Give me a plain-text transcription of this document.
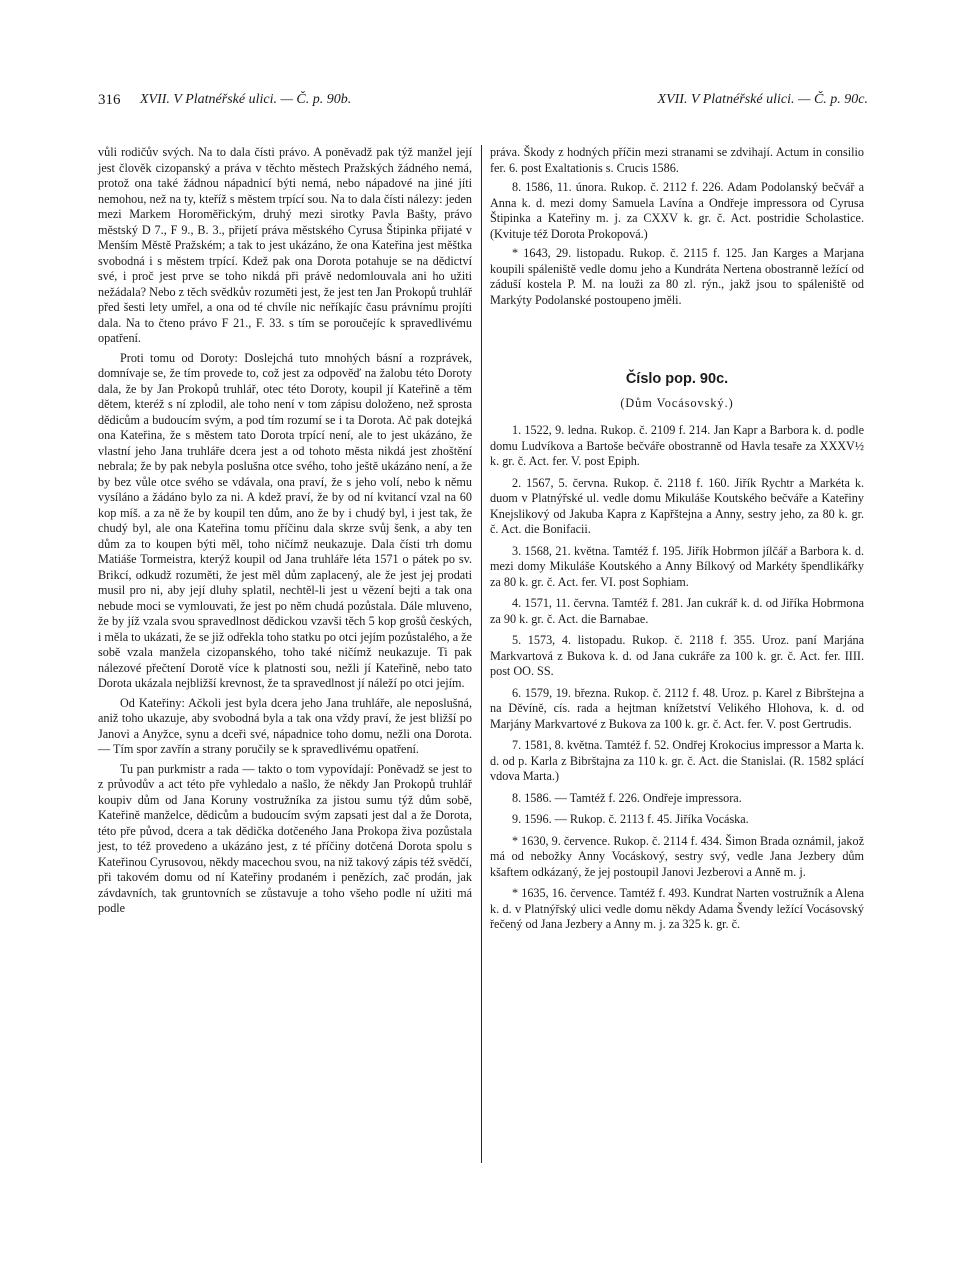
316 XVII. V Platnéřské ulici. — Č. p. 90b.	XVII. V Platnéřské ulici. — Č. p. 90c.

vůli rodičův svých. Na to dala čísti právo. A poněvadž pak týž manžel její jest člověk cizopanský a práva v těchto městech Pražských žádného nemá, protož ona také žádnou nápadnicí býti nemá, nebo nápadové na jiné jíti nemohou, než na ty, kteříž s městem trpící sou. Na to dala čísti nálezy: jeden mezi Markem Horoměřickým, druhý mezi sirotky Pavla Bašty, právo městský D 7., F 9., B. 3., přijetí práva městského Cyrusa Štipinka přijaté v Menším Městě Pražském; a tak to jest ukázáno, že ona Kateřina jest měštka svobodná i s městem trpící. Kdež pak ona Dorota potahuje se na dědictví své, i proč jest prve se toho nikdá při právě nedomlouvala ani ho užiti nežádala? Nebo z těch svědkův rozuměti jest, že jest ten Jan Prokopů truhlář před šesti lety umřel, a ona od té chvíle nic neříkajíc času právnímu projíti dala. Na to čteno právo F 21., F. 33. s tím se poroučejíc k spravedlivému opatření.

Proti tomu od Doroty: Doslejchá tuto mnohých básní a rozprávek, domnívaje se, že tím provede to, což jest za odpověď na žalobu této Doroty dala, že by Jan Prokopů truhlář, otec této Doroty, koupil jí Kateřině a těm dětem, kteréž s ní zplodil, ale toho není v tom zápisu doloženo, než sprosta dědicům a budoucím svým, a pod tím rozumí se i ta Dorota. Ač pak dotejká ona Kateřina, že s městem tato Dorota trpící není, ale to jest ukázáno, že vlastní jeho Jana truhláře dcera jest a od tohoto města nikdá jest zhoštění nebrala; že by pak nebyla poslušna otce svého, toho ještě ukázáno není, a že by bez vůle otce svého se vdávala, ona praví, že s jeho volí, nebo k němu vysíláno a žádáno bylo za ni. A kdež praví, že by od ní kvitancí vzal na 60 kop míš. a za ně že by koupil ten dům, ano že by i chudý byl, i jest tak, že chudý byl, ale ona Kateřina tomu příčinu dala skrze svůj šenk, a aby ten dům za to koupen býti měl, toho ničímž neukazuje. Dala čísti trh domu Matiáše Tormeistra, kterýž koupil od Jana truhláře léta 1571 o pátek po sv. Brikcí, odkudž rozuměti, že jest měl dům zaplacený, ale že jest jej prodati musil pro ni, aby její dluhy splatil, nechtěl-li jest u vězení bejti a tak ona nebude moci se vymlouvati, že jest po něm chudá pozůstala. Dále mluveno, že by jíž vzala svou spravedlnost dědickou vzavši těch 5 kop grošů českých, i měla to ukázati, že se již odřekla toho statku po otci jejím pozůstalého, a že sobě vzala manžela cizopanského, toho také ničímž neukazuje. Ti pak nálezové přečtení Dorotě více k platnosti sou, nežli jí Kateřině, nebo tato Dorota ukázala nejbližší krevnost, že ta spravedlnost jí náleží po otci jejím.

Od Kateřiny: Ačkoli jest byla dcera jeho Jana truhláře, ale neposlušná, aniž toho ukazuje, aby svobodná byla a tak ona vždy praví, že jest bližší po Janovi a Anyžce, synu a dceři své, nápadnice toho domu, nežli ona Dorota. — Tím spor zavřín a strany poručily se k spravedlivému opatření.

Tu pan purkmistr a rada — takto o tom vypovídají: Poněvadž se jest to z průvodův a act této pře vyhledalo a našlo, že někdy Jan Prokopů truhlář koupiv dům od Jana Koruny vostružníka za jistou sumu týž dům sobě, Kateřině manželce, dědicům a budoucím svým zapsati jest dal a že Dorota, této pře původ, dcera a tak dědička dotčeného Jana Prokopa živa pozůstala jest, to též provedeno a ukázáno jest, z té příčiny dotčená Dorota spolu s Kateřinou Cyrusovou, někdy macechou svou, na niž takový zápis též svědčí, při takovém domu od ní Kateřiny prodaném i penězích, zač prodán, jak závdavních, tak gruntovních se zůstavuje a toho všeho podle ní užiti má podle

práva. Škody z hodných příčin mezi stranami se zdvihají. Actum in consilio fer. 6. post Exaltationis s. Crucis 1586.

8. 1586, 11. února. Rukop. č. 2112 f. 226. Adam Podolanský bečvář a Anna k. d. mezi domy Samuela Lavína a Ondřeje impressora od Cyrusa Štipinka a Kateřiny m. j. za CXXV k. gr. č. Act. postridie Scholastice. (Kvituje též Dorota Prokopová.)

* 1643, 29. listopadu. Rukop. č. 2115 f. 125. Jan Karges a Marjana koupili spáleniště vedle domu jeho a Kundráta Nertena obostranně ležící od záduší kostela P. M. na louži za 80 zl. rýn., jakž jsou to spáleniště od Markýty Podolanské postoupeno jměli.

Číslo pop. 90c.
(Dům Vocásovský.)

1. 1522, 9. ledna. Rukop. č. 2109 f. 214. Jan Kapr a Barbora k. d. podle domu Ludvíkova a Bartoše bečváře obostranně od Havla tesaře za XXXV½ k. gr. č. Act. fer. V. post Epiph.

2. 1567, 5. června. Rukop. č. 2118 f. 160. Jiřík Rychtr a Markéta k. duom v Platnýřské ul. vedle domu Mikuláše Koutského bečváře a Kateřiny Knejslikový od Jakuba Kapra z Kapřštejna a Anny, sestry jeho, za 80 k. gr. č. Act. die Bonifacii.

3. 1568, 21. května. Tamtéž f. 195. Jiřík Hobrmon jílčář a Barbora k. d. mezi domy Mikuláše Koutského a Anny Bílkový od Markéty špendlikářky za 80 k. gr. č. Act. fer. VI. post Sophiam.

4. 1571, 11. června. Tamtéž f. 281. Jan cukrář k. d. od Jiříka Hobrmona za 90 k. gr. č. Act. die Barnabae.

5. 1573, 4. listopadu. Rukop. č. 2118 f. 355. Uroz. paní Marjána Markvartová z Bukova k. d. od Jana cukráře za 100 k. gr. č. Act. fer. IIII. post OO. SS.

6. 1579, 19. března. Rukop. č. 2112 f. 48. Uroz. p. Karel z Bibrštejna a na Děvíně, cís. rada a hejtman knížetství Velikého Hlohova, k. d. od Marjány Markvartové z Bukova za 100 k. gr. č. Act. fer. V. post Gertrudis.

7. 1581, 8. května. Tamtéž f. 52. Ondřej Krokocius impressor a Marta k. d. od p. Karla z Bibrštajna za 110 k. gr. č. Act. die Stanislai. (R. 1582 splácí vdova Marta.)

8. 1586. — Tamtéž f. 226. Ondřeje impressora.

9. 1596. — Rukop. č. 2113 f. 45. Jiříka Vocáska.

* 1630, 9. července. Rukop. č. 2114 f. 434. Šimon Brada oznámil, jakož má od nebožky Anny Vocáskový, sestry svý, vedle Jana Jezbery dům kšaftem odkázaný, že jej postoupil Janovi Jezberovi a Anně m. j.

* 1635, 16. července. Tamtéž f. 493. Kundrat Narten vostružník a Alena k. d. v Platnýřský ulici vedle domu někdy Adama Švendy ležící Vocásovský řečený od Jana Jezbery a Anny m. j. za 325 k. gr. č.
